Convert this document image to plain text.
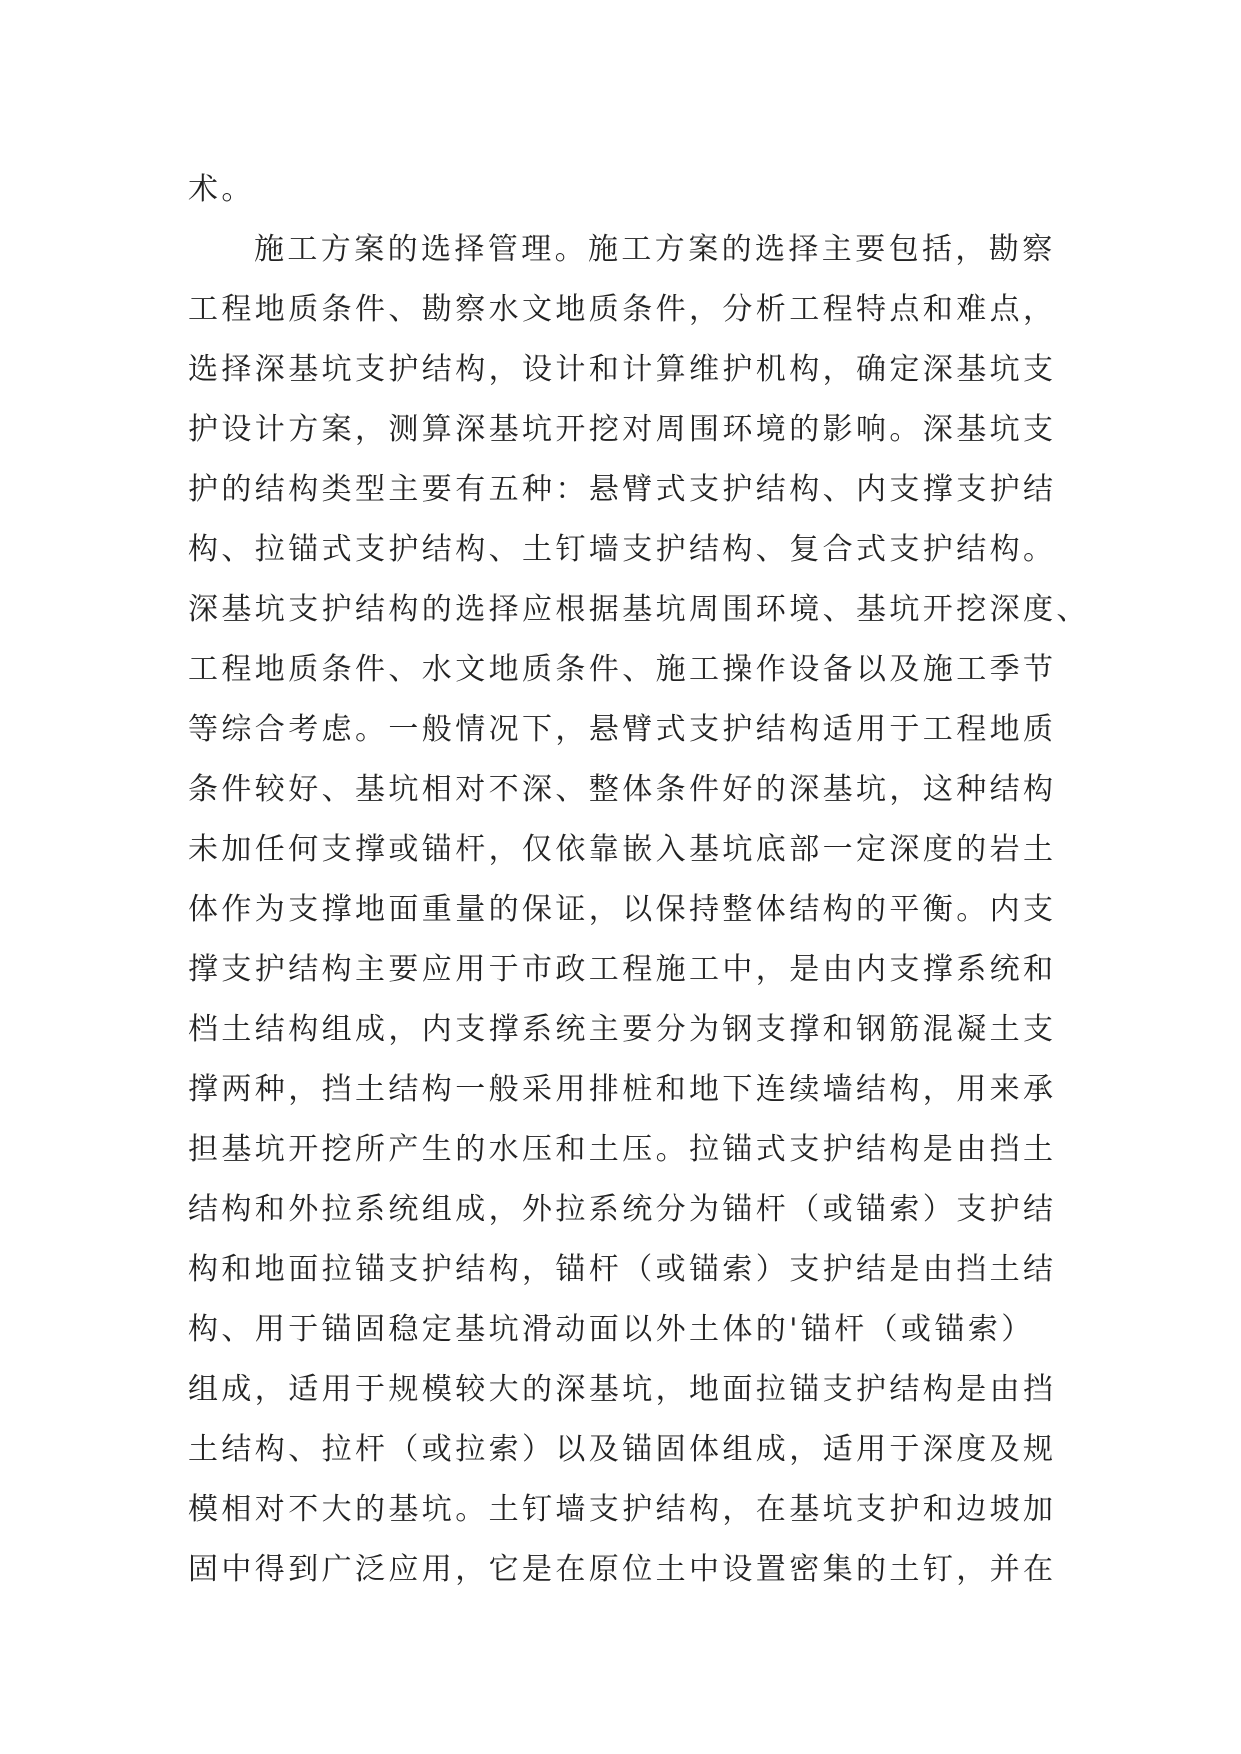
术。
施工方案的选择管理。施工方案的选择主要包括，勘察
工程地质条件、勘察水文地质条件，分析工程特点和难点，
选择深基坑支护结构，设计和计算维护机构，确定深基坑支
护设计方案，测算深基坑开挖对周围环境的影响。深基坑支
护的结构类型主要有五种：悬臂式支护结构、内支撑支护结
构、拉锚式支护结构、土钉墙支护结构、复合式支护结构。
深基坑支护结构的选择应根据基坑周围环境、基坑开挖深度、
工程地质条件、水文地质条件、施工操作设备以及施工季节
等综合考虑。一般情况下，悬臂式支护结构适用于工程地质
条件较好、基坑相对不深、整体条件好的深基坑，这种结构
未加任何支撑或锚杆，仅依靠嵌入基坑底部一定深度的岩土
体作为支撑地面重量的保证，以保持整体结构的平衡。内支
撑支护结构主要应用于市政工程施工中，是由内支撑系统和
档土结构组成，内支撑系统主要分为钢支撑和钢筋混凝土支
撑两种，挡土结构一般采用排桩和地下连续墙结构，用来承
担基坑开挖所产生的水压和土压。拉锚式支护结构是由挡土
结构和外拉系统组成，外拉系统分为锚杆（或锚索）支护结
构和地面拉锚支护结构，锚杆（或锚索）支护结是由挡土结
构、用于锚固稳定基坑滑动面以外土体的'锚杆（或锚索）
组成，适用于规模较大的深基坑，地面拉锚支护结构是由挡
土结构、拉杆（或拉索）以及锚固体组成，适用于深度及规
模相对不大的基坑。土钉墙支护结构，在基坑支护和边坡加
固中得到广泛应用，它是在原位土中设置密集的土钉，并在
